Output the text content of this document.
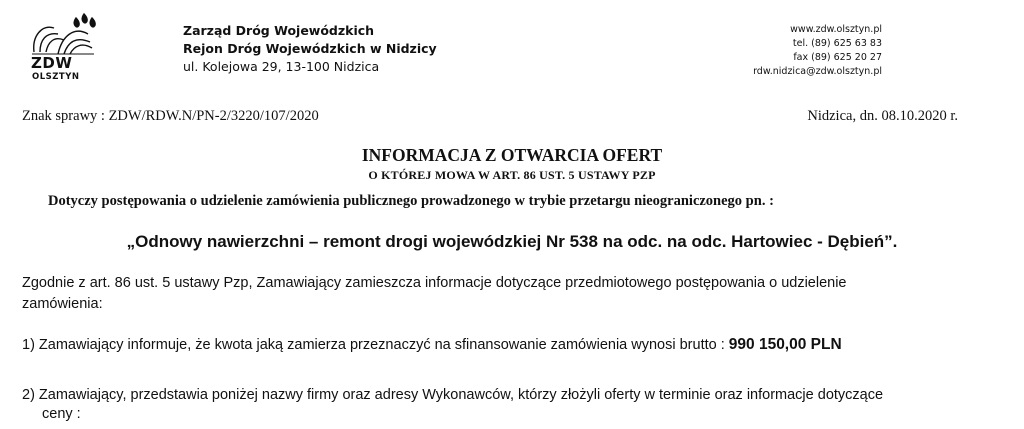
ZDW
OLSZTYN
Zarząd Dróg Wojewódzkich
Rejon Dróg Wojewódzkich w Nidzicy
ul. Kolejowa 29, 13-100 Nidzica
www.zdw.olsztyn.pl
tel. (89) 625 63 83
fax (89) 625 20 27
rdw.nidzica@zdw.olsztyn.pl
Znak sprawy : ZDW/RDW.N/PN-2/3220/107/2020	Nidzica, dn. 08.10.2020 r.
INFORMACJA Z OTWARCIA OFERT
O KTÓREJ MOWA W ART. 86 UST. 5 USTAWY PZP
Dotyczy postępowania o udzielenie zamówienia publicznego prowadzonego w trybie przetargu nieograniczonego pn. :
„Odnowy nawierzchni – remont drogi wojewódzkiej Nr 538 na odc. na odc. Hartowiec - Dębień”.
Zgodnie z art. 86 ust. 5 ustawy Pzp, Zamawiający zamieszcza informacje dotyczące przedmiotowego postępowania o udzielenie
zamówienia:
1) Zamawiający informuje, że kwota jaką zamierza przeznaczyć na sfinansowanie zamówienia wynosi brutto : 990 150,00 PLN
2) Zamawiający, przedstawia poniżej nazwy firmy oraz adresy Wykonawców, którzy złożyli oferty w terminie oraz informacje dotyczące
ceny :
